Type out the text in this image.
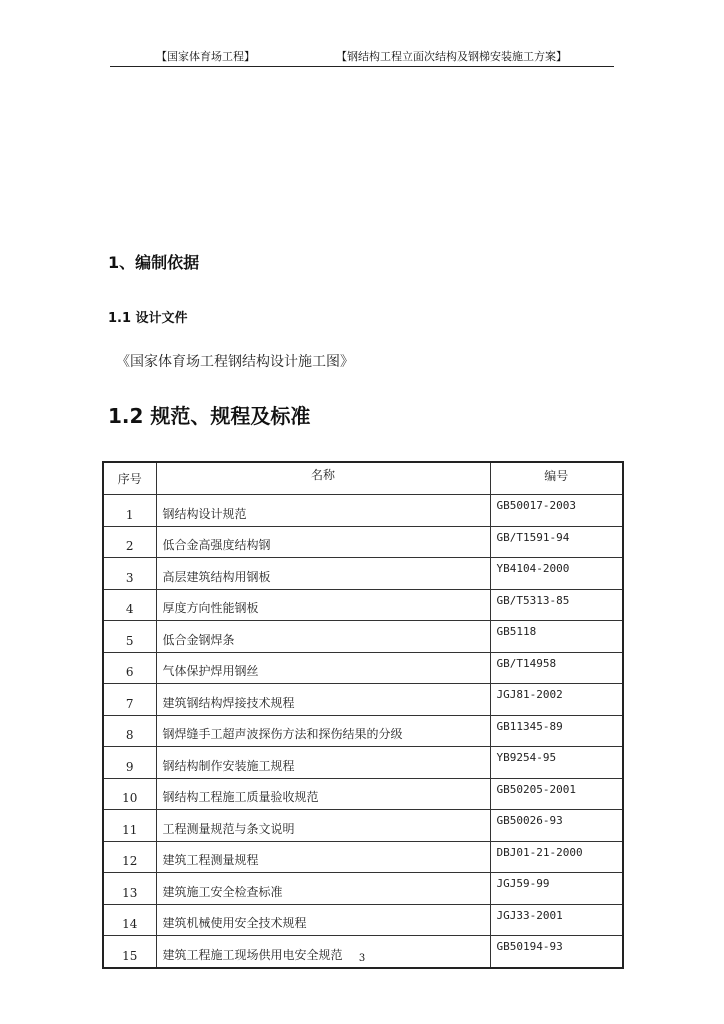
【国家体育场工程】	【钢结构工程立面次结构及钢梯安装施工方案】
1、编制依据
1.1 设计文件
《国家体育场工程钢结构设计施工图》
1.2 规范、规程及标准
序号	名称	编号
1	钢结构设计规范	GB50017-2003
2	低合金高强度结构钢	GB/T1591-94
3	高层建筑结构用钢板	YB4104-2000
4	厚度方向性能钢板	GB/T5313-85
5	低合金钢焊条	GB5118
6	气体保护焊用钢丝	GB/T14958
7	建筑钢结构焊接技术规程	JGJ81-2002
8	钢焊缝手工超声波探伤方法和探伤结果的分级	GB11345-89
9	钢结构制作安装施工规程	YB9254-95
10	钢结构工程施工质量验收规范	GB50205-2001
11	工程测量规范与条文说明	GB50026-93
12	建筑工程测量规程	DBJ01-21-2000
13	建筑施工安全检查标准	JGJ59-99
14	建筑机械使用安全技术规程	JGJ33-2001
15	建筑工程施工现场供用电安全规范	GB50194-93
3
